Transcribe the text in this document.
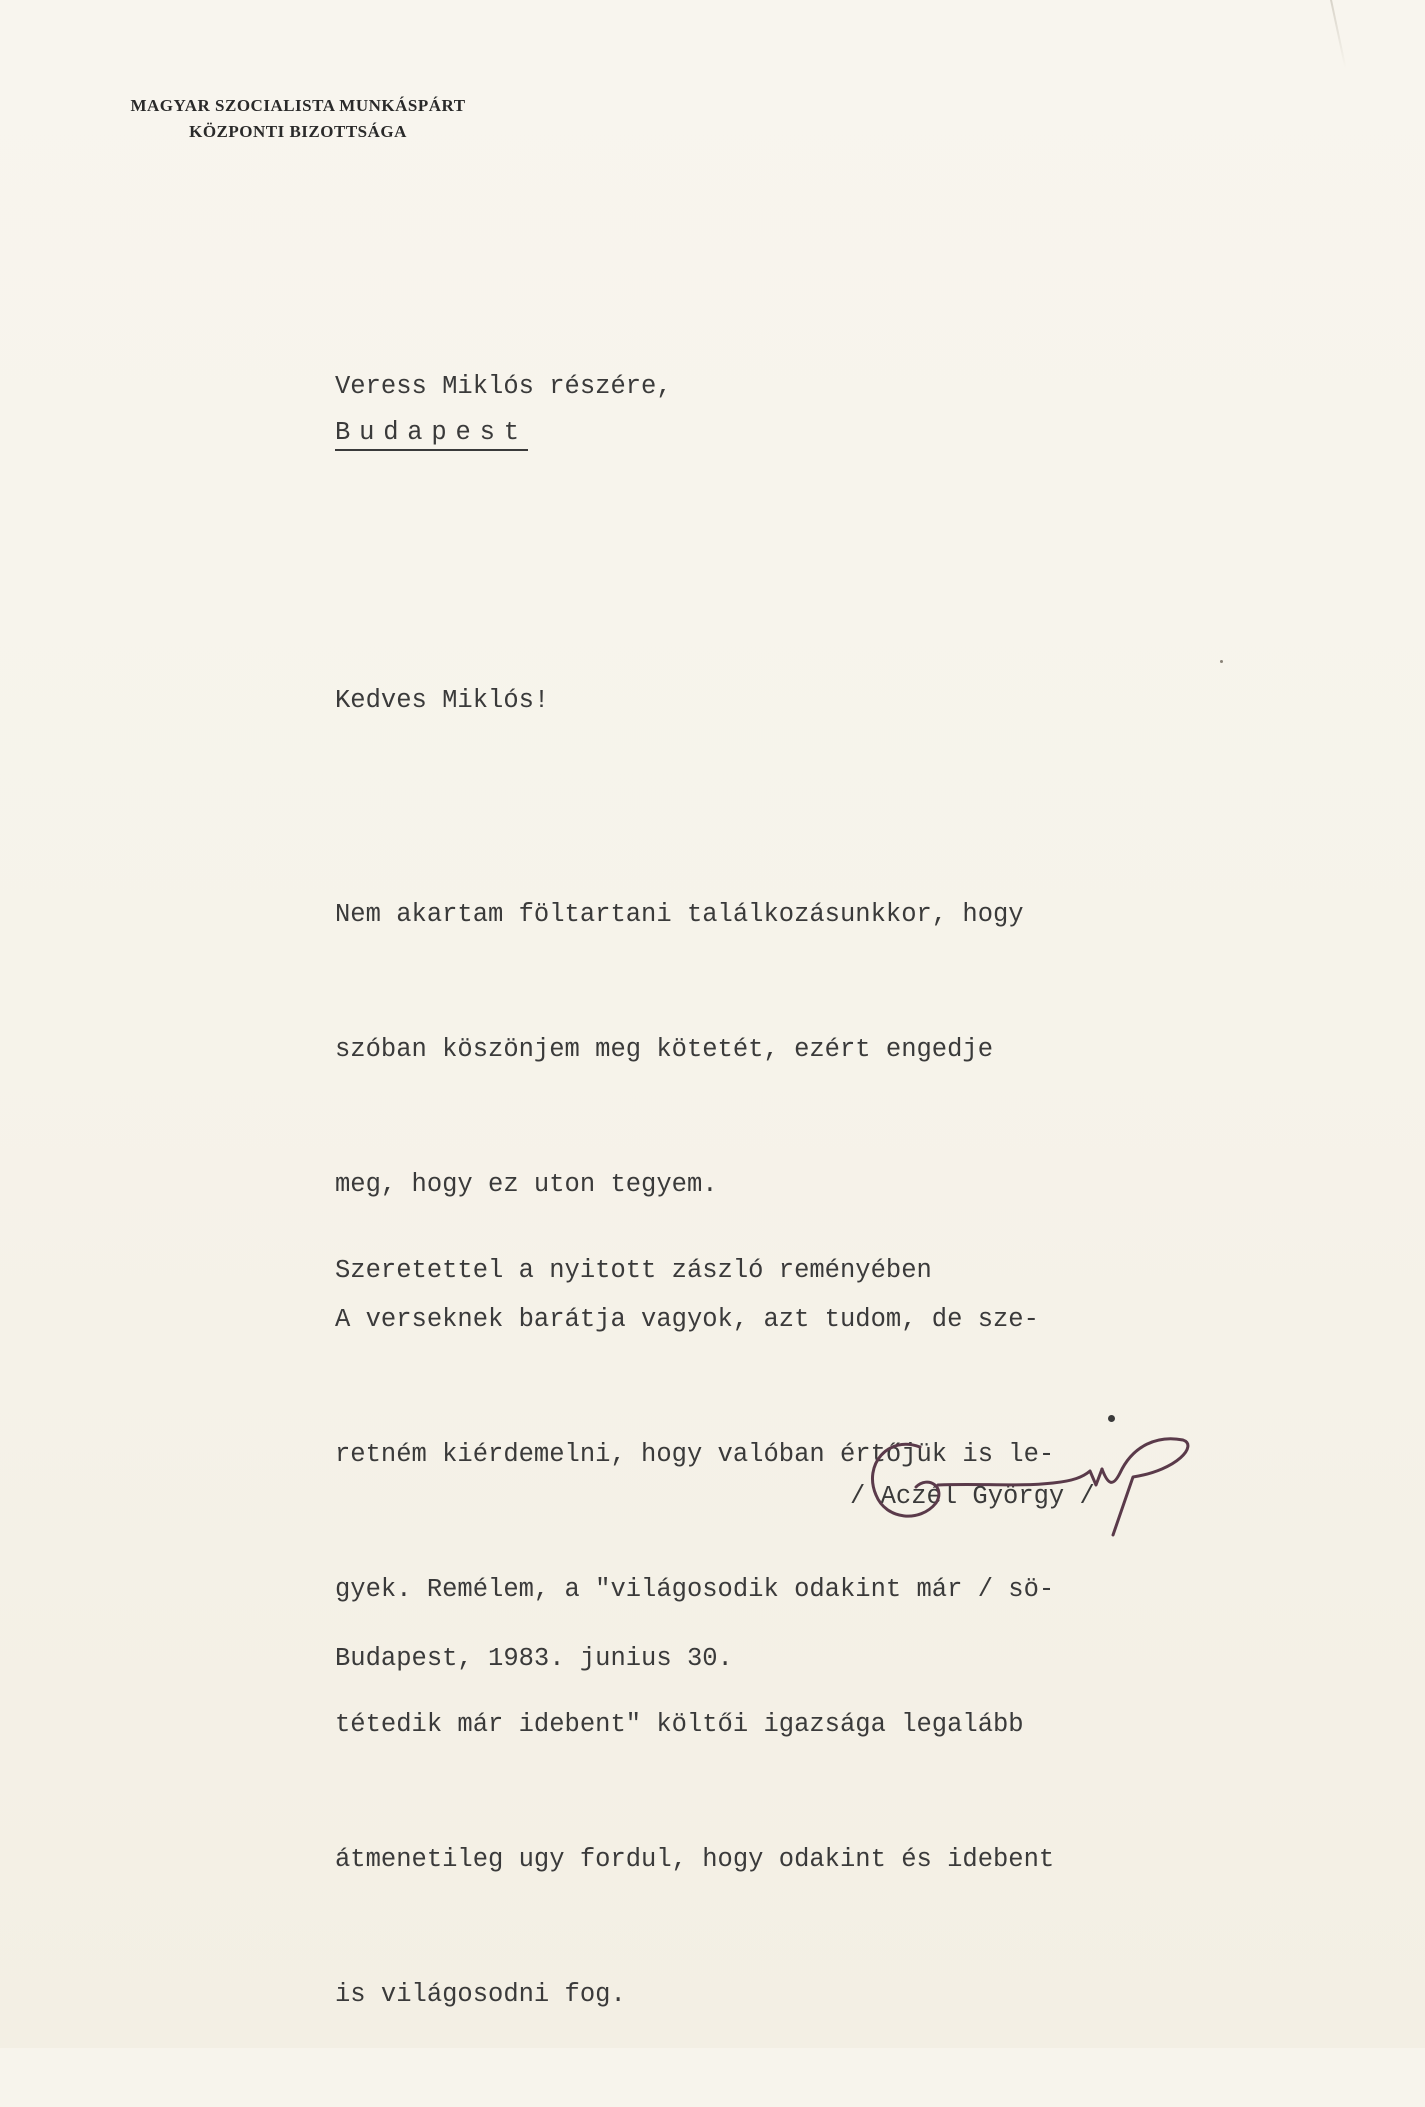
MAGYAR SZOCIALISTA MUNKÁSPÁRT
KÖZPONTI BIZOTTSÁGA
Veress Miklós részére,
Budapest
Kedves Miklós!

Nem akartam föltartani találkozásunkkor, hogy

szóban köszönjem meg kötetét, ezért engedje

meg, hogy ez uton tegyem.

A verseknek barátja vagyok, azt tudom, de sze-

retném kiérdemelni, hogy valóban értőjük is le-

gyek. Remélem, a "világosodik odakint már / sö-

tétedik már idebent" költői igazsága legalább

átmenetileg ugy fordul, hogy odakint és idebent

is világosodni fog.

Szeretettel a nyitott zászló reményében
/ Aczél György /
Budapest, 1983. junius 30.
